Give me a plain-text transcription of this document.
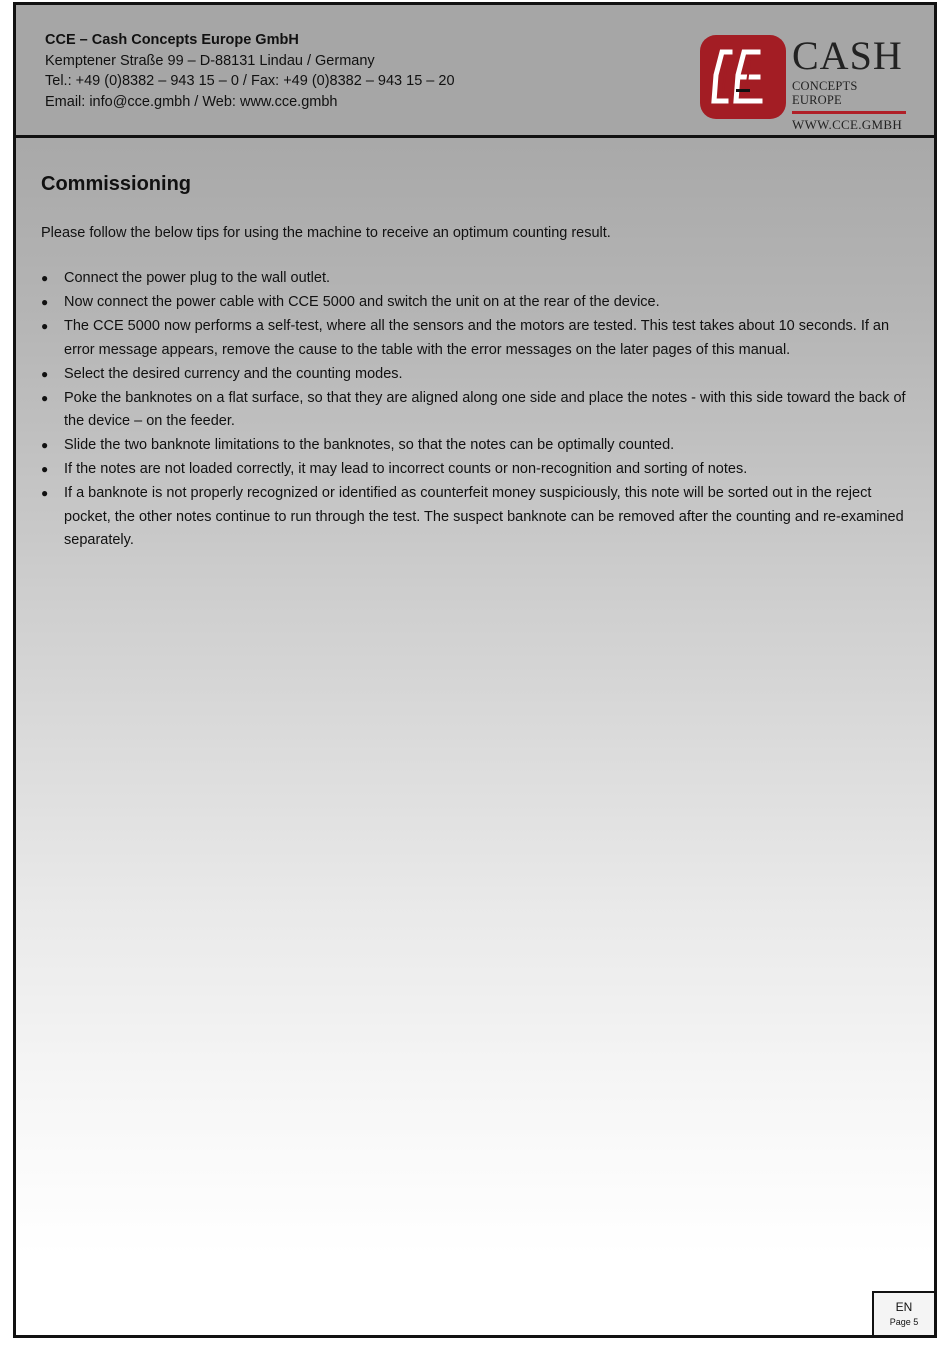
CCE – Cash Concepts Europe GmbH
Kemptener Straße 99 – D-88131 Lindau / Germany
Tel.: +49 (0)8382 – 943 15 – 0 / Fax: +49 (0)8382 – 943 15 – 20
Email: info@cce.gmbh / Web: www.cce.gmbh
CASH
CONCEPTS EUROPE
WWW.CCE.GMBH
Commissioning

Please follow the below tips for using the machine to receive an optimum counting result.

● Connect the power plug to the wall outlet.
● Now connect the power cable with CCE 5000 and switch the unit on at the rear of the device.
● The CCE 5000 now performs a self-test, where all the sensors and the motors are tested. This test takes about 10 seconds. If an error message appears, remove the cause to the table with the error messages on the later pages of this manual.
● Select the desired currency and the counting modes.
● Poke the banknotes on a flat surface, so that they are aligned along one side and place the notes - with this side toward the back of the device – on the feeder.
● Slide the two banknote limitations to the banknotes, so that the notes can be optimally counted.
● If the notes are not loaded correctly, it may lead to incorrect counts or non-recognition and sorting of notes.
● If a banknote is not properly recognized or identified as counterfeit money suspiciously, this note will be sorted out in the reject pocket, the other notes continue to run through the test. The suspect banknote can be removed after the counting and re-examined separately.
EN
Page 5
